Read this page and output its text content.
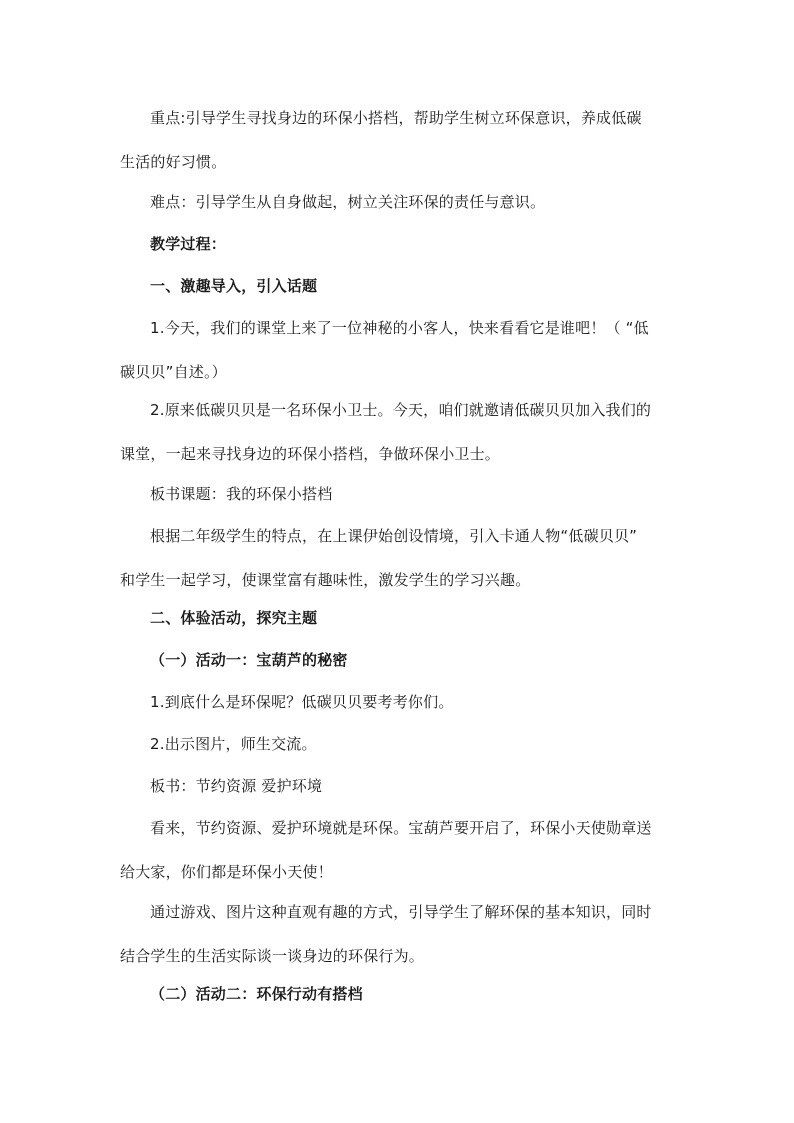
重点:引导学生寻找身边的环保小搭档，帮助学生树立环保意识，养成低碳
生活的好习惯。

难点：引导学生从自身做起，树立关注环保的责任与意识。

教学过程：

一、激趣导入，引入话题

1.今天，我们的课堂上来了一位神秘的小客人，快来看看它是谁吧！（ “低
碳贝贝”自述。）

2.原来低碳贝贝是一名环保小卫士。今天，咱们就邀请低碳贝贝加入我们的
课堂，一起来寻找身边的环保小搭档，争做环保小卫士。

板书课题：我的环保小搭档

根据二年级学生的特点，在上课伊始创设情境，引入卡通人物“低碳贝贝”
和学生一起学习，使课堂富有趣味性，激发学生的学习兴趣。

二、体验活动，探究主题

（一）活动一：宝葫芦的秘密

1.到底什么是环保呢？低碳贝贝要考考你们。

2.出示图片，师生交流。

板书：节约资源 爱护环境

看来，节约资源、爱护环境就是环保。宝葫芦要开启了，环保小天使勋章送
给大家，你们都是环保小天使！

通过游戏、图片这种直观有趣的方式，引导学生了解环保的基本知识，同时
结合学生的生活实际谈一谈身边的环保行为。

（二）活动二：环保行动有搭档
